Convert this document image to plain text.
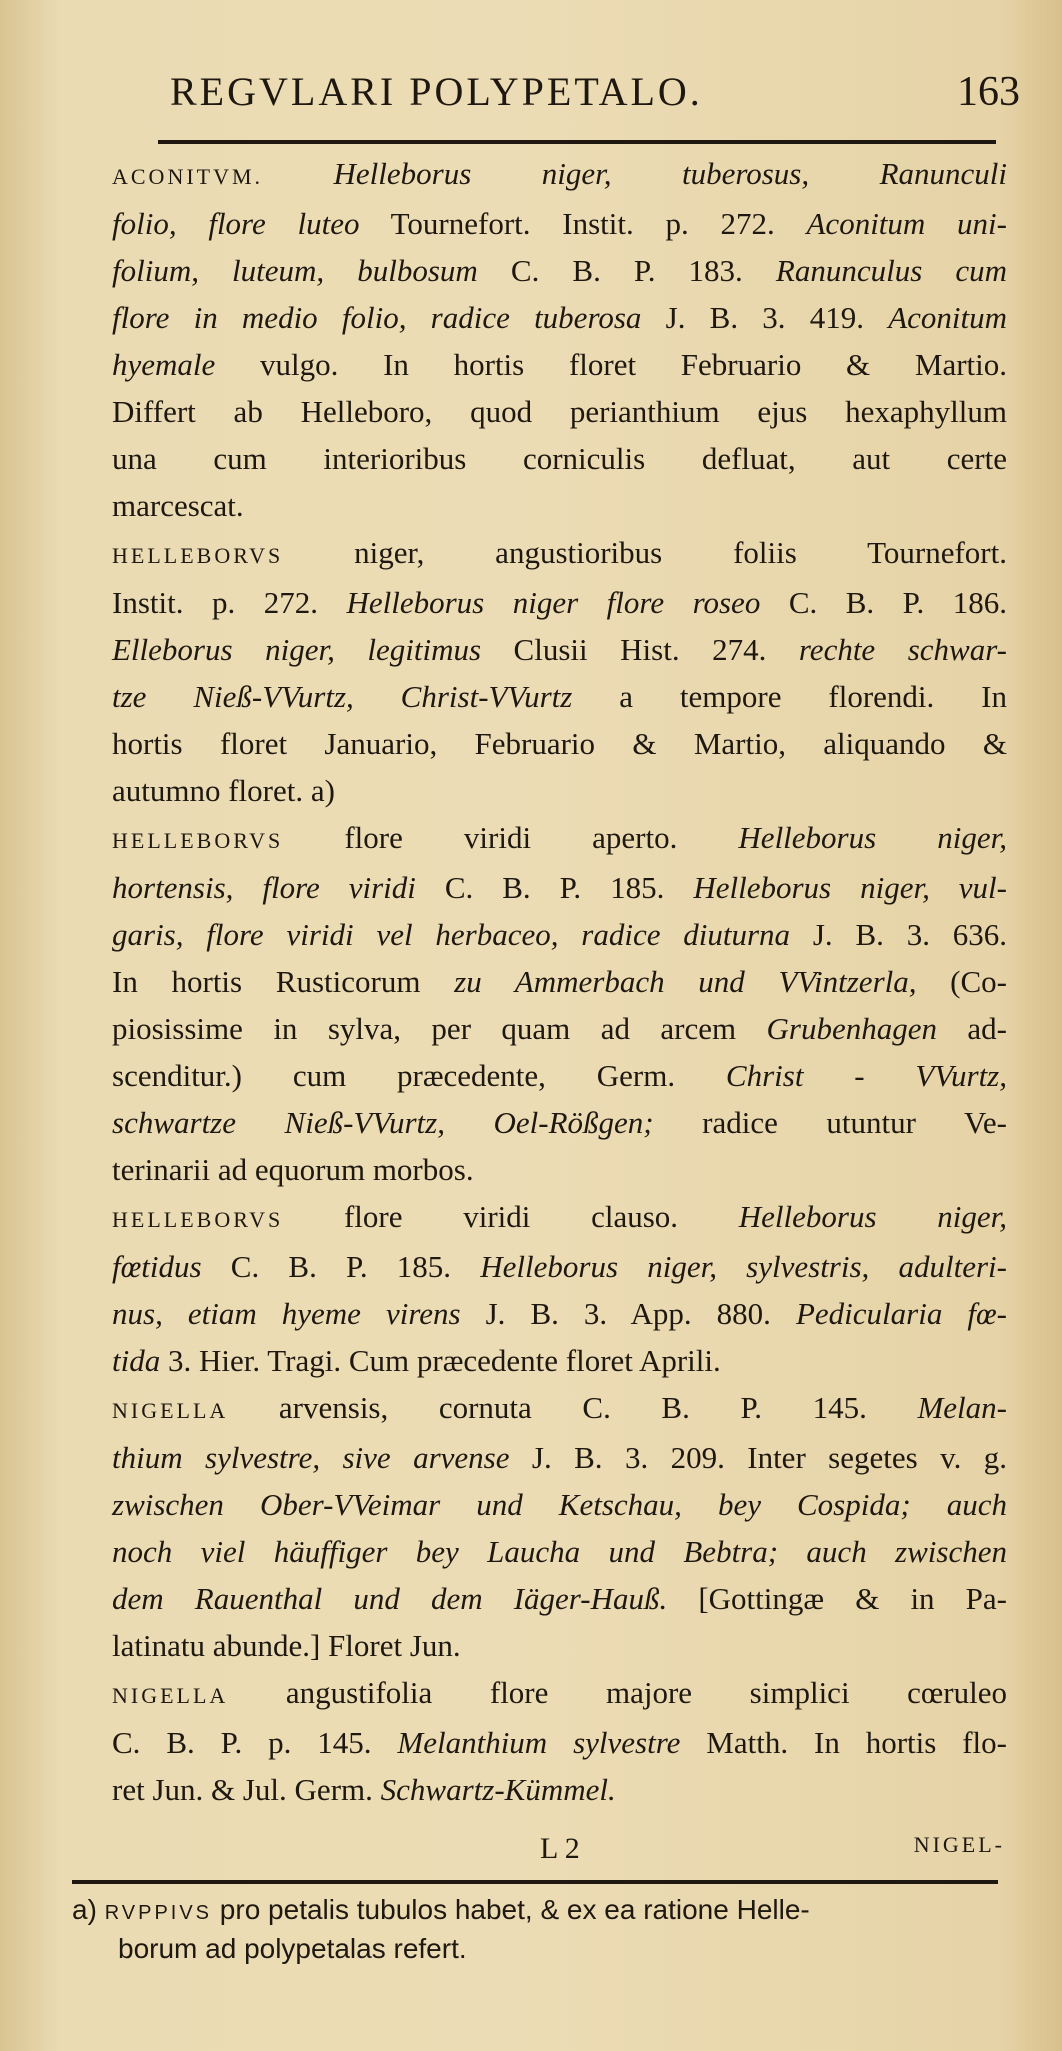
REGVLARI POLYPETALO.	163
ACONITVM. Helleborus niger, tuberosus, Ranunculi
folio, flore luteo Tournefort. Instit. p. 272. Aconitum uni-
folium, luteum, bulbosum C. B. P. 183. Ranunculus cum
flore in medio folio, radice tuberosa J. B. 3. 419. Aconitum
hyemale vulgo. In hortis floret Februario & Martio.
Differt ab Helleboro, quod perianthium ejus hexaphyllum
una cum interioribus corniculis defluat, aut certe
marcescat.
HELLEBORVS niger, angustioribus foliis Tournefort.
Instit. p. 272. Helleborus niger flore roseo C. B. P. 186.
Elleborus niger, legitimus Clusii Hist. 274. rechte schwar-
tze Nieß-VVurtz, Christ-VVurtz a tempore florendi. In
hortis floret Januario, Februario & Martio, aliquando &
autumno floret. a)
HELLEBORVS flore viridi aperto. Helleborus niger,
hortensis, flore viridi C. B. P. 185. Helleborus niger, vul-
garis, flore viridi vel herbaceo, radice diuturna J. B. 3. 636.
In hortis Rusticorum zu Ammerbach und VVintzerla, (Co-
piosissime in sylva, per quam ad arcem Grubenhagen ad-
scenditur.) cum præcedente, Germ. Christ - VVurtz,
schwartze Nieß-VVurtz, Oel-Rößgen; radice utuntur Ve-
terinarii ad equorum morbos.
HELLEBORVS flore viridi clauso. Helleborus niger,
fœtidus C. B. P. 185. Helleborus niger, sylvestris, adulteri-
nus, etiam hyeme virens J. B. 3. App. 880. Pedicularia fœ-
tida 3. Hier. Tragi. Cum præcedente floret Aprili.
NIGELLA arvensis, cornuta C. B. P. 145. Melan-
thium sylvestre, sive arvense J. B. 3. 209. Inter segetes v. g.
zwischen Ober-VVeimar und Ketschau, bey Cospida; auch
noch viel häuffiger bey Laucha und Bebtra; auch zwischen
dem Rauenthal und dem Iäger-Hauß. [Gottingæ & in Pa-
latinatu abunde.] Floret Jun.
NIGELLA angustifolia flore majore simplici cœruleo
C. B. P. p. 145. Melanthium sylvestre Matth. In hortis flo-
ret Jun. & Jul. Germ. Schwartz-Kümmel.
L 2	NIGEL-
a) RVPPIVS pro petalis tubulos habet, & ex ea ratione Helle-
borum ad polypetalas refert.
